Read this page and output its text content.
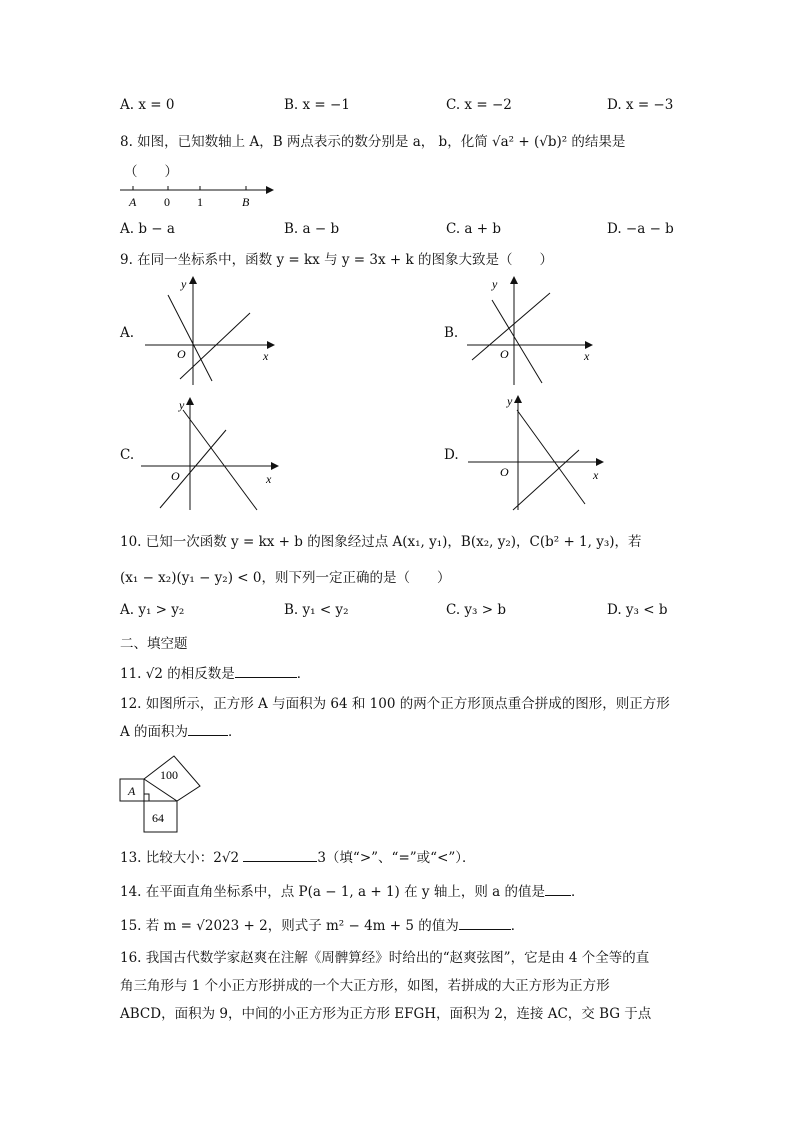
A. x = 0	B. x = −1	C. x = −2	D. x = −3
8. 如图，已知数轴上 A，B 两点表示的数分别是 a， b，化简 √a² + (√b)² 的结果是
（　　）
A 0 1	B
A. b − a	B. a − b	C. a + b	D. −a − b
9. 在同一坐标系中，函数 y = kx 与 y = 3x + k 的图象大致是（　　）
A.
y
x
O
B.
y
x
O
C.
y
x
O
D.
y
x
O
10. 已知一次函数 y = kx + b 的图象经过点 A(x₁, y₁)，B(x₂, y₂)，C(b² + 1, y₃)，若
(x₁ − x₂)(y₁ − y₂) < 0，则下列一定正确的是（　　）
A. y₁ > y₂	B. y₁ < y₂	C. y₃ > b	D. y₃ < b
二、填空题
11. √2 的相反数是	．
12. 如图所示，正方形 A 与面积为 64 和 100 的两个正方形顶点重合拼成的图形，则正方形
A 的面积为	．
A
100
64
13. 比较大小：2√2	3（填“>”、“=”或“<”）．
14. 在平面直角坐标系中，点 P(a − 1, a + 1) 在 y 轴上，则 a 的值是 ．
15. 若 m = √2023 + 2，则式子 m² − 4m + 5 的值为	．
16. 我国古代数学家赵爽在注解《周髀算经》时给出的“赵爽弦图”，它是由 4 个全等的直
角三角形与 1 个小正方形拼成的一个大正方形，如图，若拼成的大正方形为正方形
ABCD，面积为 9，中间的小正方形为正方形 EFGH，面积为 2，连接 AC，交 BG 于点
